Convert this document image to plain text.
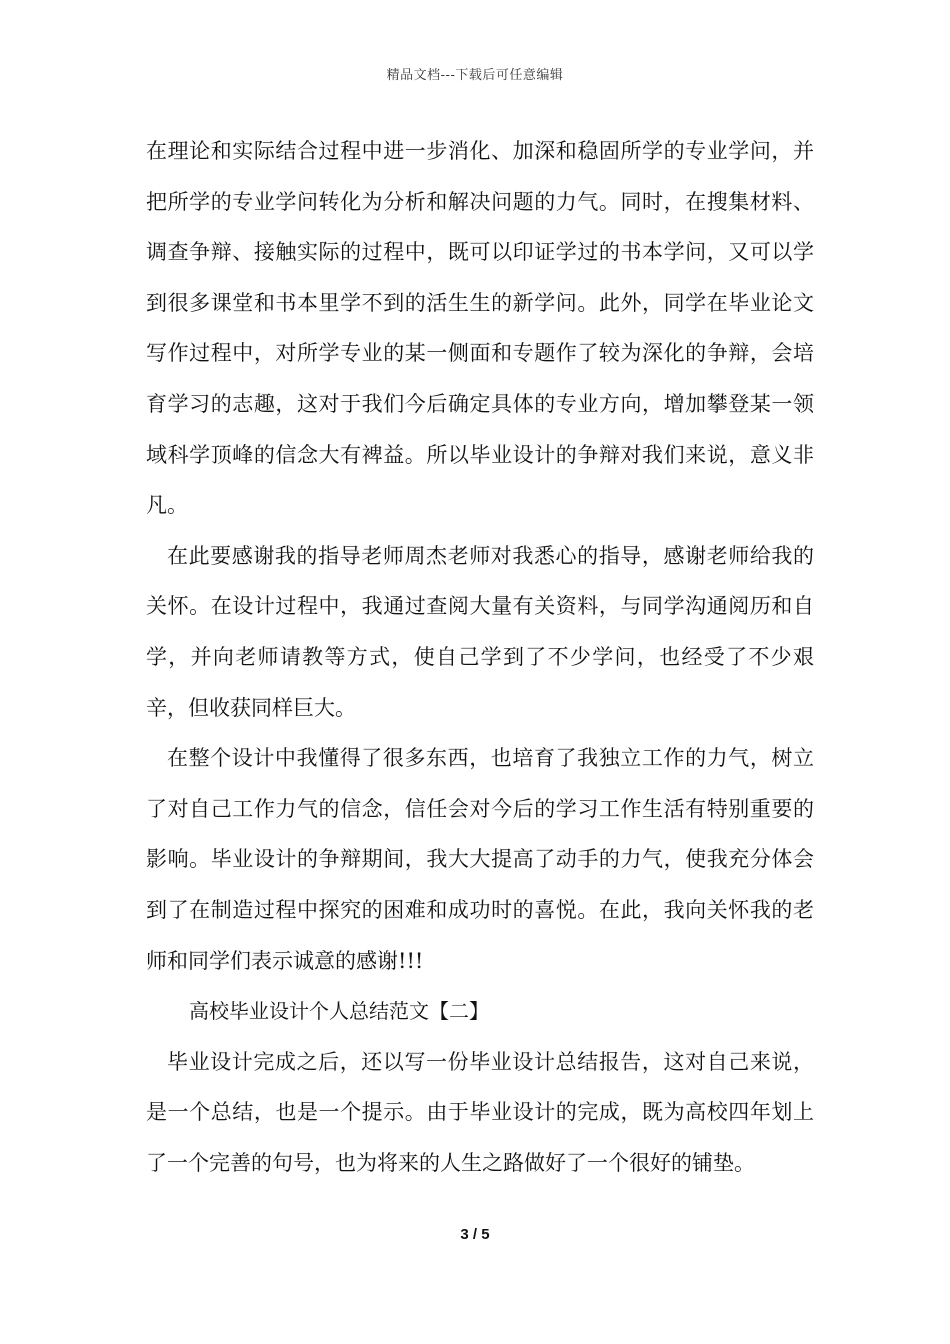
精品文档---下载后可任意编辑

在理论和实际结合过程中进一步消化、加深和稳固所学的专业学问，并把所学的专业学问转化为分析和解决问题的力气。同时，在搜集材料、调查争辩、接触实际的过程中，既可以印证学过的书本学问，又可以学到很多课堂和书本里学不到的活生生的新学问。此外，同学在毕业论文写作过程中，对所学专业的某一侧面和专题作了较为深化的争辩，会培育学习的志趣，这对于我们今后确定具体的专业方向，增加攀登某一领域科学顶峰的信念大有裨益。所以毕业设计的争辩对我们来说，意义非凡。

在此要感谢我的指导老师周杰老师对我悉心的指导，感谢老师给我的关怀。在设计过程中，我通过查阅大量有关资料，与同学沟通阅历和自学，并向老师请教等方式，使自己学到了不少学问，也经受了不少艰辛，但收获同样巨大。

在整个设计中我懂得了很多东西，也培育了我独立工作的力气，树立了对自己工作力气的信念，信任会对今后的学习工作生活有特别重要的影响。毕业设计的争辩期间，我大大提高了动手的力气，使我充分体会到了在制造过程中探究的困难和成功时的喜悦。在此，我向关怀我的老师和同学们表示诚意的感谢!!!

高校毕业设计个人总结范文【二】

毕业设计完成之后，还以写一份毕业设计总结报告，这对自己来说，是一个总结，也是一个提示。由于毕业设计的完成，既为高校四年划上了一个完善的句号，也为将来的人生之路做好了一个很好的铺垫。

3 / 5
